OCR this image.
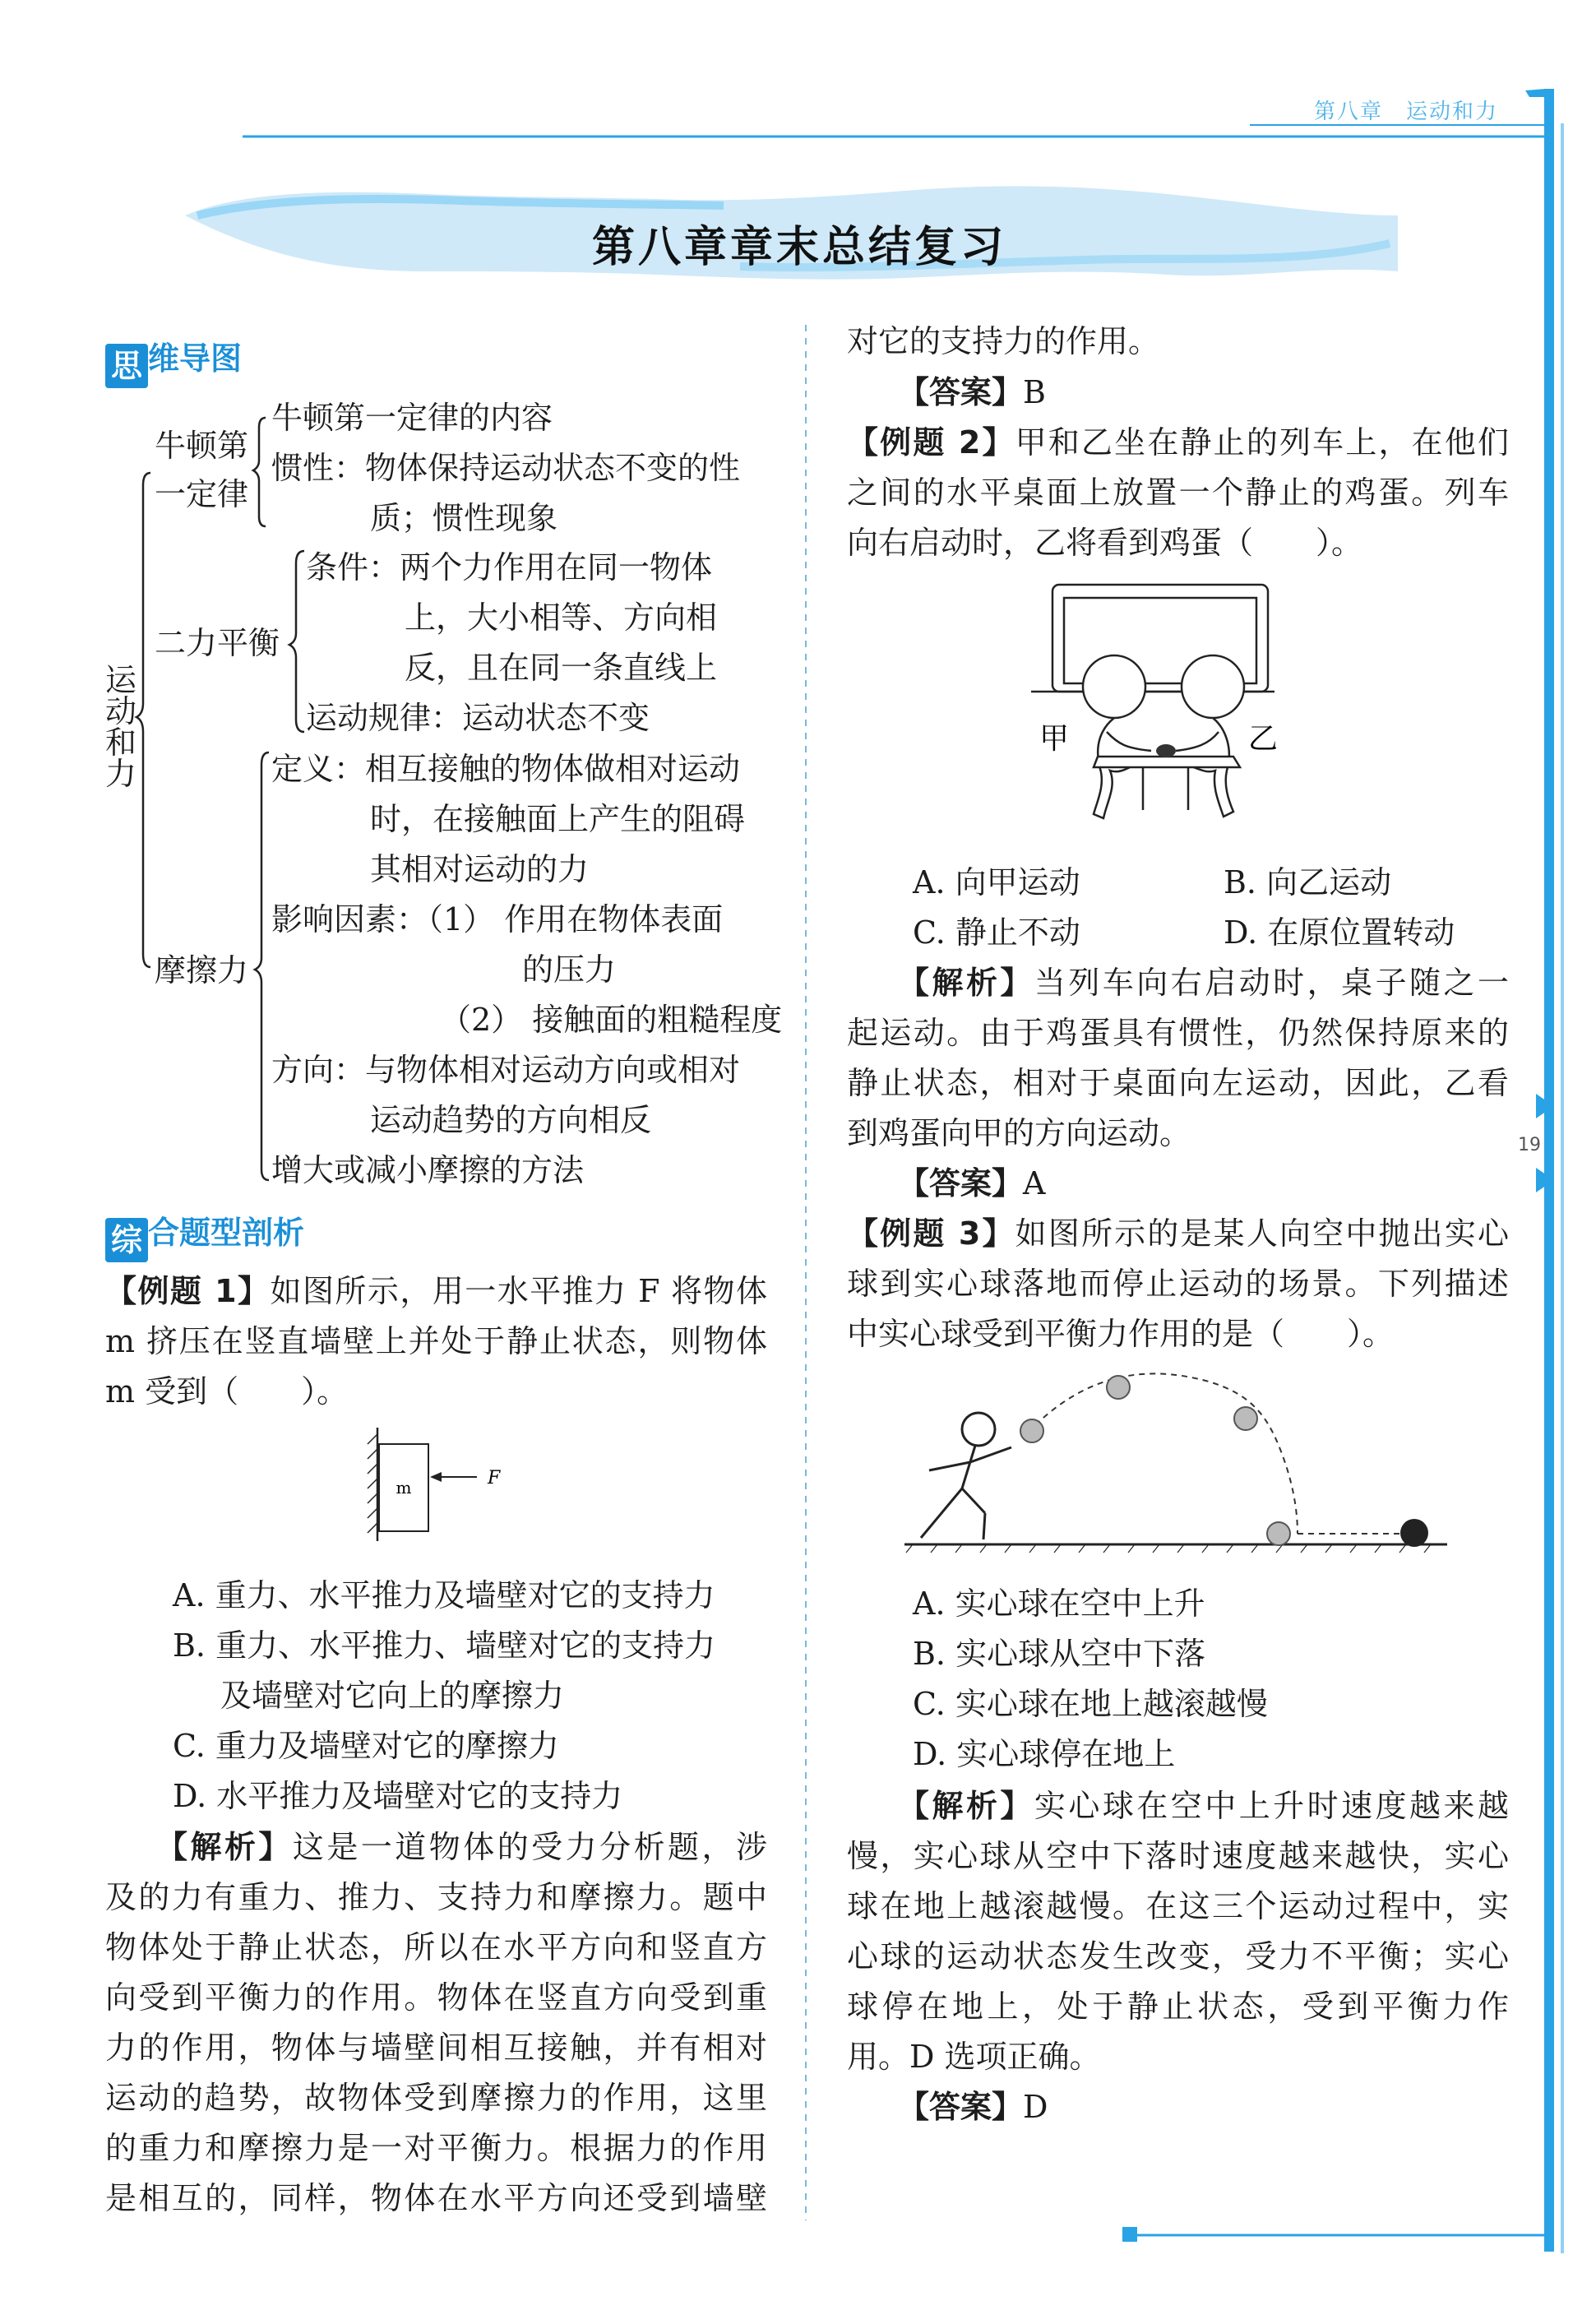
第八章　运动和力
第八章章末总结复习
19
思 维导图
运
动
和
力
牛顿第
一定律
牛顿第一定律的内容
惯性：物体保持运动状态不变的性
质；惯性现象
二力平衡
条件：两个力作用在同一物体
上，大小相等、方向相
反，且在同一条直线上
运动规律：运动状态不变
摩擦力
定义：相互接触的物体做相对运动
时，在接触面上产生的阻碍
其相对运动的力
影响因素：（1） 作用在物体表面
的压力
（2） 接触面的粗糙程度
方向：与物体相对运动方向或相对
运动趋势的方向相反
增大或减小摩擦的方法
综 合题型剖析
【例题 1】如图所示，用一水平推力 F 将物体
m 挤压在竖直墙壁上并处于静止状态，则物体
m 受到（　　）。
m	F
A. 重力、水平推力及墙壁对它的支持力
B. 重力、水平推力、墙壁对它的支持力
及墙壁对它向上的摩擦力
C. 重力及墙壁对它的摩擦力
D. 水平推力及墙壁对它的支持力
【解析】这是一道物体的受力分析题，涉
及的力有重力、推力、支持力和摩擦力。题中
物体处于静止状态，所以在水平方向和竖直方
向受到平衡力的作用。物体在竖直方向受到重
力的作用，物体与墙壁间相互接触，并有相对
运动的趋势，故物体受到摩擦力的作用，这里
的重力和摩擦力是一对平衡力。根据力的作用
是相互的，同样，物体在水平方向还受到墙壁
对它的支持力的作用。
【答案】B
【例题 2】甲和乙坐在静止的列车上，在他们
之间的水平桌面上放置一个静止的鸡蛋。列车
向右启动时，乙将看到鸡蛋（　　）。
甲	乙
A. 向甲运动	B. 向乙运动
C. 静止不动	D. 在原位置转动
【解析】当列车向右启动时，桌子随之一
起运动。由于鸡蛋具有惯性，仍然保持原来的
静止状态，相对于桌面向左运动，因此，乙看
到鸡蛋向甲的方向运动。
【答案】A
【例题 3】如图所示的是某人向空中抛出实心
球到实心球落地而停止运动的场景。下列描述
中实心球受到平衡力作用的是（　　）。
A. 实心球在空中上升
B. 实心球从空中下落
C. 实心球在地上越滚越慢
D. 实心球停在地上
【解析】实心球在空中上升时速度越来越
慢，实心球从空中下落时速度越来越快，实心
球在地上越滚越慢。在这三个运动过程中，实
心球的运动状态发生改变，受力不平衡；实心
球停在地上，处于静止状态，受到平衡力作
用。D 选项正确。
【答案】D
